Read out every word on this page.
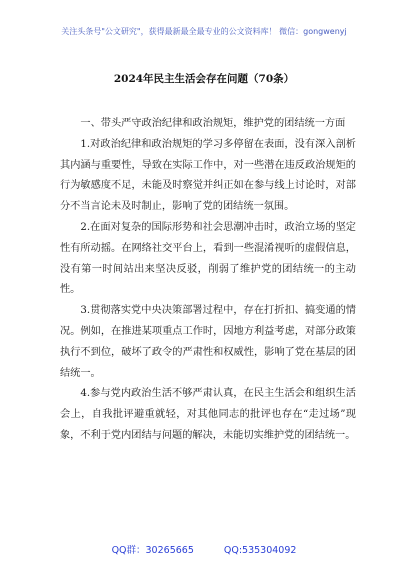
关注头条号"公文研究"，获得最新最全最专业的公文资料库！ 微信：gongwenyj
2024年民主生活会存在问题（70条）

一、带头严守政治纪律和政治规矩，维护党的团结统一方面

1.对政治纪律和政治规矩的学习多停留在表面，没有深入剖析其内涵与重要性，导致在实际工作中，对一些潜在违反政治规矩的行为敏感度不足，未能及时察觉并纠正如在参与线上讨论时，对部分不当言论未及时制止，影响了党的团结统一氛围。

2.在面对复杂的国际形势和社会思潮冲击时，政治立场的坚定性有所动摇。在网络社交平台上，看到一些混淆视听的虚假信息，没有第一时间站出来坚决反驳，削弱了维护党的团结统一的主动性。

3.贯彻落实党中央决策部署过程中，存在打折扣、搞变通的情况。例如，在推进某项重点工作时，因地方利益考虑，对部分政策执行不到位，破坏了政令的严肃性和权威性，影响了党在基层的团结统一。

4.参与党内政治生活不够严肃认真，在民主生活会和组织生活会上，自我批评避重就轻，对其他同志的批评也存在“走过场”现象，不利于党内团结与问题的解决，未能切实维护党的团结统一。

QQ群：30265665	QQ:535304092
